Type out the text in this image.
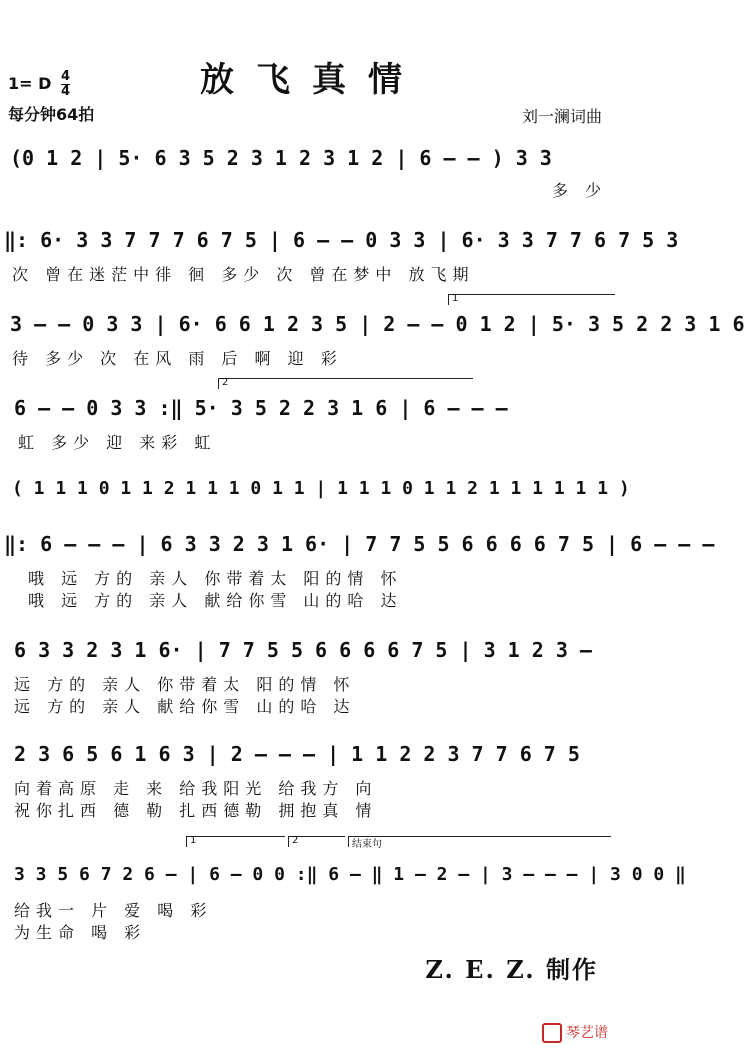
放飞真情
1= D $\frac{4}{4}$
每分钟64拍	刘一澜词曲
(0 1 2 | 5· 6 3 5 2 3 1 2 3 1 2 | 6 — — ) 3 3
多 少
‖: 6· 3 3 7 7 7 6 7 5 | 6 — — 0 3 3 | 6· 3 3 7 7 6 7 5 3
次 曾在迷茫中徘 徊 多少 次 曾在梦中 放飞期
1
3 — — 0 3 3 | 6· 6 6 1 2 3 5 | 2 — — 0 1 2 | 5· 3 5 2 2 3 1 6
待 多少 次 在风 雨 后 啊 迎 彩
2
6 — — 0 3 3 :‖ 5· 3 5 2 2 3 1 6 | 6 — — —
虹 多少 迎 来彩 虹
( 1 1 1 0 1 1 2 1 1 1 0 1 1 | 1 1 1 0 1 1 2 1 1 1 1 1 1 )
‖: 6 — — — | 6 3 3 2 3 1 6· | 7 7 5 5 6 6 6 6 7 5 | 6 — — —
哦 远 方的 亲人 你带着太 阳的情 怀
哦 远 方的 亲人 献给你雪 山的哈 达
6 3 3 2 3 1 6· | 7 7 5 5 6 6 6 6 7 5 | 3 1 2 3 —
远 方的 亲人 你带着太 阳的情 怀
远 方的 亲人 献给你雪 山的哈 达
2 3 6 5 6 1 6 3 | 2 — — — | 1 1 2 2 3 7 7 6 7 5
向着高原 走 来 给我阳光 给我方 向
祝你扎西 德 勒 扎西德勒 拥抱真 情
1	2	结束句
3 3 5 6 7 2 6 — | 6 — 0 0 :‖ 6 — ‖ 1 — 2 — | 3 — — — | 3 0 0 ‖
给我一 片 爱 喝 彩
为生命 喝 彩
Z. E. Z. 制作
琴艺谱
